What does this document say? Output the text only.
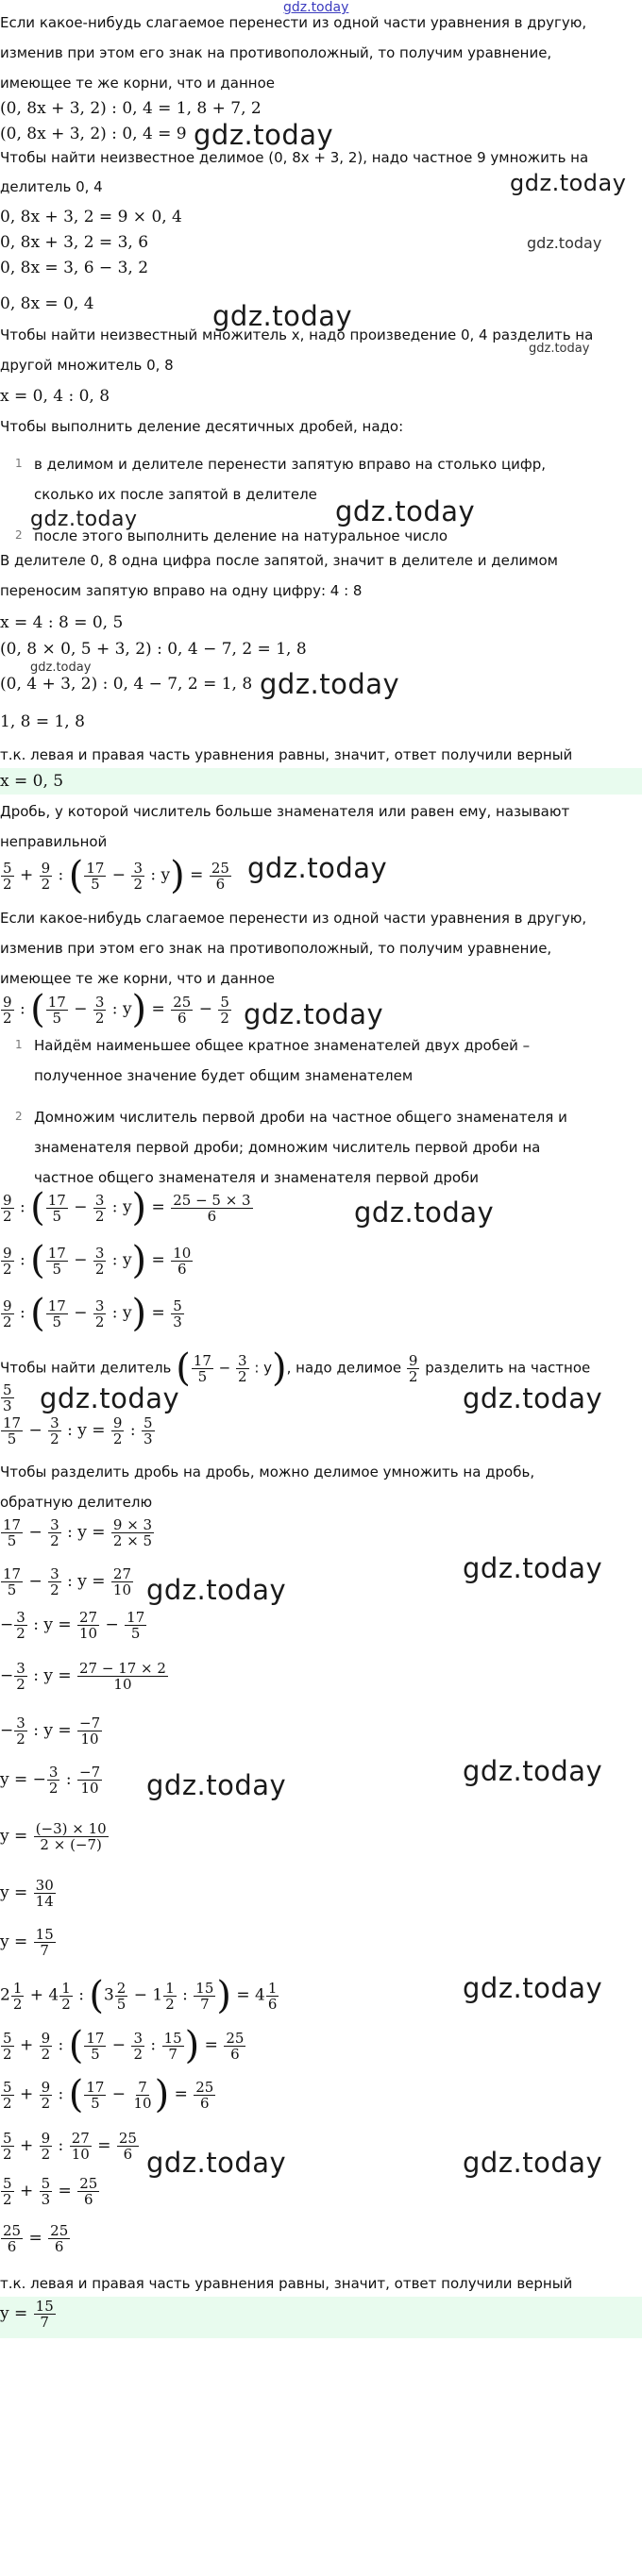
gdz.today
Если какое-нибудь слагаемое перенести из одной части уравнения в другую,
изменив при этом его знак на противоположный, то получим уравнение,
имеющее те же корни, что и данное
(0, 8x + 3, 2) : 0, 4 = 1, 8 + 7, 2
(0, 8x + 3, 2) : 0, 4 = 9 gdz.today
gdz.today
Чтобы найти неизвестное делимое (0, 8x + 3, 2), надо частное 9 умножить на
делитель 0, 4
0, 8x + 3, 2 = 9 × 0, 4
0, 8x + 3, 2 = 3, 6	gdz.today
0, 8x = 3, 6 − 3, 2
0, 8x = 0, 4	gdz.today
Чтобы найти неизвестный множитель x, надо произведение 0, 4 разделить на
gdz.today
другой множитель 0, 8
x = 0, 4 : 0, 8
Чтобы выполнить деление десятичных дробей, надо:
1 в делимом и делителе перенести запятую вправо на столько цифр,
сколько их после запятой в делителе
gdz.today
gdz.today
2 после этого выполнить деление на натуральное число
В делителе 0, 8 одна цифра после запятой, значит в делителе и делимом
переносим запятую вправо на одну цифру: 4 : 8
x = 4 : 8 = 0, 5
(0, 8 × 0, 5 + 3, 2) : 0, 4 − 7, 2 = 1, 8
gdz.today
(0, 4 + 3, 2) : 0, 4 − 7, 2 = 1, 8 gdz.today
1, 8 = 1, 8
т.к. левая и правая часть уравнения равны, значит, ответ получили верный
x = 0, 5
Дробь, у которой числитель больше знаменателя или равен ему, называют
неправильной
$\frac{5}{2} + \frac{9}{2}$ : ( $\frac{17}{5} - \frac{3}{2}$ : $y) = \frac{25}{6}$ gdz.today
Если какое-нибудь слагаемое перенести из одной части уравнения в другую,
изменив при этом его знак на противоположный, то получим уравнение,
имеющее те же корни, что и данное
$\frac{9}{2}$ : ( $\frac{17}{5} - \frac{3}{2}$ : $y) = \frac{25}{6} - \frac{5}{2}$ gdz.today
1 Найдём наименьшее общее кратное знаменателей двух дробей –
полученное значение будет общим знаменателем
2 Домножим числитель первой дроби на частное общего знаменателя и
знаменателя первой дроби; домножим числитель первой дроби на
частное общего знаменателя и знаменателя первой дроби
$\frac{9}{2}$ : ( $\frac{17}{5} - \frac{3}{2}$ : $y) = \frac{25 - 5 \times 3}{6}$	gdz.today
$\frac{9}{2}$ : ( $\frac{17}{5} - \frac{3}{2}$ : $y) = \frac{10}{6}$
$\frac{9}{2}$ : ( $\frac{17}{5} - \frac{3}{2}$ : $y) = \frac{5}{3}$
Чтобы найти делитель ( $\frac{17}{5} - \frac{3}{2}$ : y), надо делимое $\frac{9}{2}$ разделить на частное
$\frac{5}{3}$ gdz.today	gdz.today
$\frac{17}{5} - \frac{3}{2}$ : $y = \frac{9}{2}$ : $\frac{5}{3}$
Чтобы разделить дробь на дробь, можно делимое умножить на дробь,
обратную делителю
$\frac{17}{5} - \frac{3}{2}$ : $y = \frac{9 \times 3}{2 \times 5}$
$\frac{17}{5} - \frac{3}{2}$ : $y = \frac{27}{10}$ gdz.today
gdz.today
− $\frac{3}{2}$ : $y = \frac{27}{10} - \frac{17}{5}$
− $\frac{3}{2}$ : $y = \frac{27 - 17 \times 2}{10}$
− $\frac{3}{2}$ : $y = \frac{-7}{10}$
y = − $\frac{3}{2}$ : $\frac{-7}{10}$ gdz.today	gdz.today
$y = \frac{(-3) \times 10}{2 \times (-7)}$
$y = \frac{30}{14}$
$y = \frac{15}{7}$
$2 \frac{1}{2} + 4 \frac{1}{2}$ : ($3 \frac{2}{5} - 1 \frac{1}{2}$ : $\frac{15}{7}$ ) = $4 \frac{1}{6}$	gdz.today
$\frac{5}{2} + \frac{9}{2}$ : ( $\frac{17}{5} - \frac{3}{2}$ : $\frac{15}{7}$ ) = $\frac{25}{6}$
$\frac{5}{2} + \frac{9}{2}$ : ( $\frac{17}{5} - \frac{7}{10}$ ) = $\frac{25}{6}$
$\frac{5}{2} + \frac{9}{2}$ : $\frac{27}{10} = \frac{25}{6}$
gdz.today	gdz.today
$\frac{5}{2} + \frac{5}{3} = \frac{25}{6}$
$\frac{25}{6} = \frac{25}{6}$
т.к. левая и правая часть уравнения равны, значит, ответ получили верный
$y = \frac{15}{7}$
